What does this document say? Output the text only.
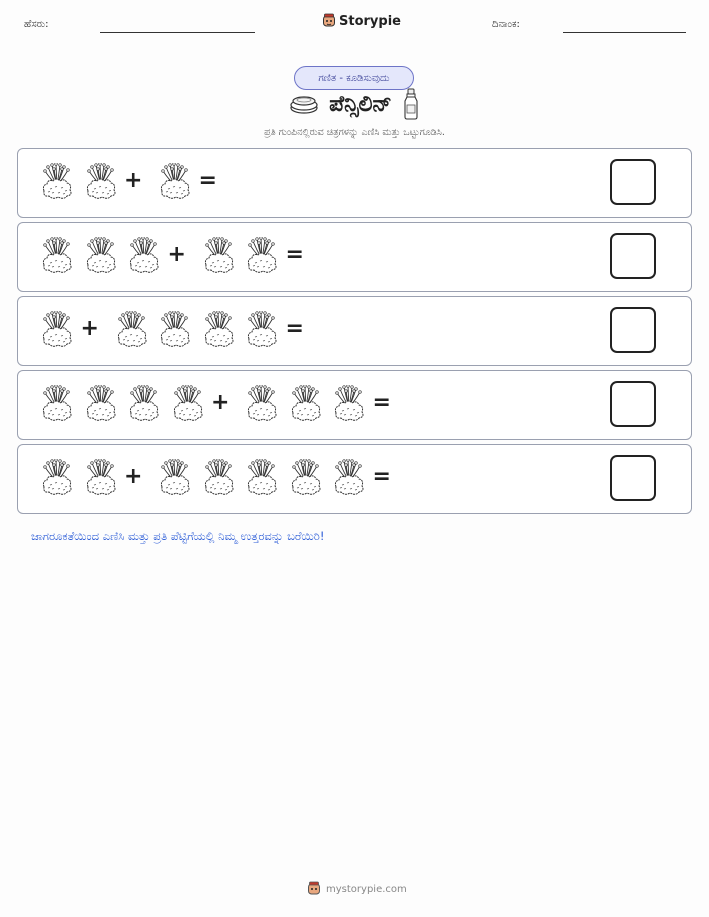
ಹೆಸರು:	Storypie	ದಿನಾಂಕ:
ಗಣಿತ - ಕೂಡಿಸುವುದು
ಪೆನ್ಸಿಲಿನ್
ಪ್ರತಿ ಗುಂಪಿನಲ್ಲಿರುವ ಚಿತ್ರಗಳನ್ನು ಎಣಿಸಿ ಮತ್ತು ಒಟ್ಟುಗೂಡಿಸಿ.
+	=
+	=
+	=
+	=
+	=
ಜಾಗರೂಕತೆಯಿಂದ ಎಣಿಸಿ ಮತ್ತು ಪ್ರತಿ ಪೆಟ್ಟಿಗೆಯಲ್ಲಿ ನಿಮ್ಮ ಉತ್ತರವನ್ನು ಬರೆಯಿರಿ!
mystorypie.com
